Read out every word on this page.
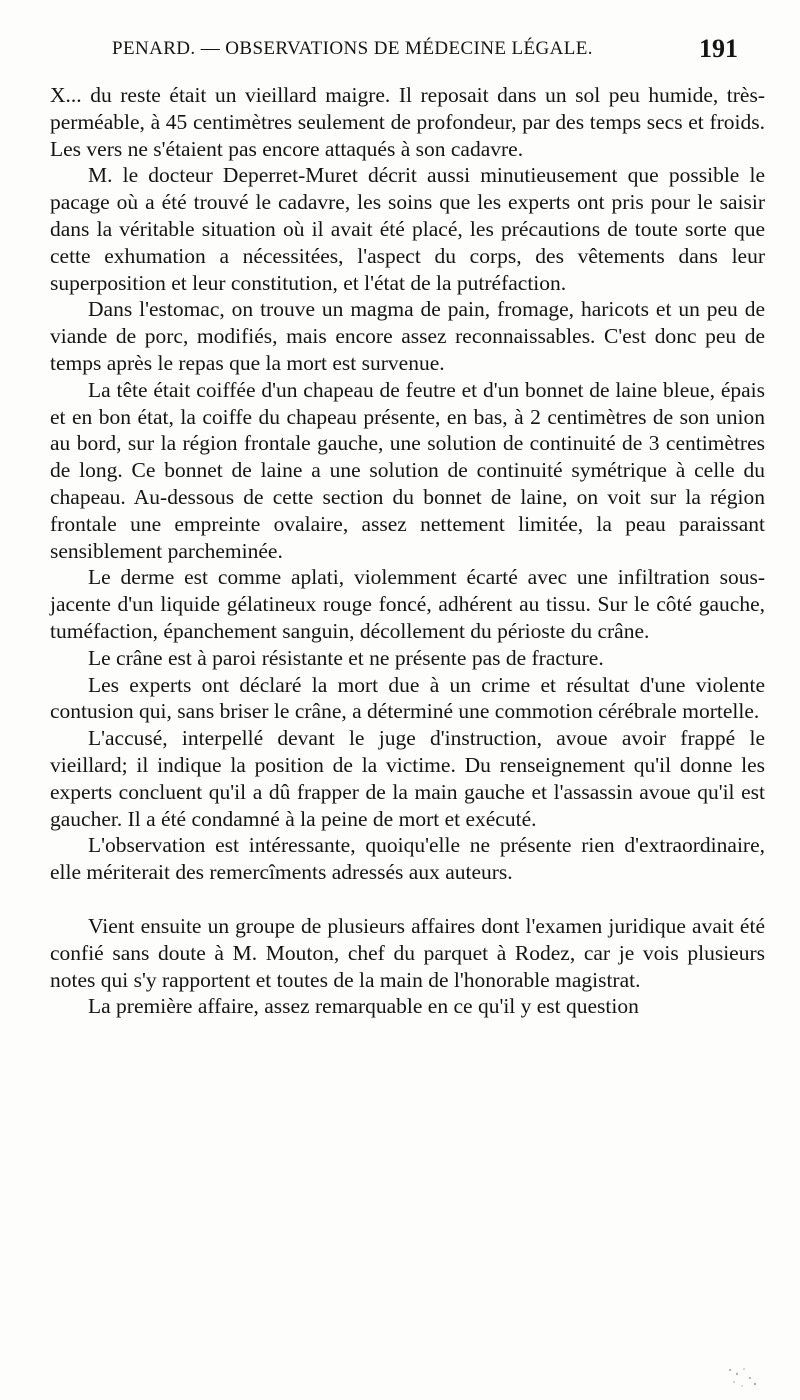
PENARD. — OBSERVATIONS DE MÉDECINE LÉGALE.	191

X... du reste était un vieillard maigre. Il reposait dans un sol peu humide, très-perméable, à 45 centimètres seulement de profondeur, par des temps secs et froids. Les vers ne s'étaient pas encore attaqués à son cadavre.

M. le docteur Deperret-Muret décrit aussi minutieusement que possible le pacage où a été trouvé le cadavre, les soins que les experts ont pris pour le saisir dans la véritable situation où il avait été placé, les précautions de toute sorte que cette exhumation a nécessitées, l'aspect du corps, des vêtements dans leur superposition et leur constitution, et l'état de la putréfaction.

Dans l'estomac, on trouve un magma de pain, fromage, haricots et un peu de viande de porc, modifiés, mais encore assez reconnaissables. C'est donc peu de temps après le repas que la mort est survenue.

La tête était coiffée d'un chapeau de feutre et d'un bonnet de laine bleue, épais et en bon état, la coiffe du chapeau présente, en bas, à 2 centimètres de son union au bord, sur la région frontale gauche, une solution de continuité de 3 centimètres de long. Ce bonnet de laine a une solution de continuité symétrique à celle du chapeau. Au-dessous de cette section du bonnet de laine, on voit sur la région frontale une empreinte ovalaire, assez nettement limitée, la peau paraissant sensiblement parcheminée.

Le derme est comme aplati, violemment écarté avec une infiltration sous-jacente d'un liquide gélatineux rouge foncé, adhérent au tissu. Sur le côté gauche, tuméfaction, épanchement sanguin, décollement du périoste du crâne.

Le crâne est à paroi résistante et ne présente pas de fracture.

Les experts ont déclaré la mort due à un crime et résultat d'une violente contusion qui, sans briser le crâne, a déterminé une commotion cérébrale mortelle.

L'accusé, interpellé devant le juge d'instruction, avoue avoir frappé le vieillard; il indique la position de la victime. Du renseignement qu'il donne les experts concluent qu'il a dû frapper de la main gauche et l'assassin avoue qu'il est gaucher. Il a été condamné à la peine de mort et exécuté.

L'observation est intéressante, quoiqu'elle ne présente rien d'extraordinaire, elle mériterait des remercîments adressés aux auteurs.

Vient ensuite un groupe de plusieurs affaires dont l'examen juridique avait été confié sans doute à M. Mouton, chef du parquet à Rodez, car je vois plusieurs notes qui s'y rapportent et toutes de la main de l'honorable magistrat.

La première affaire, assez remarquable en ce qu'il y est question
